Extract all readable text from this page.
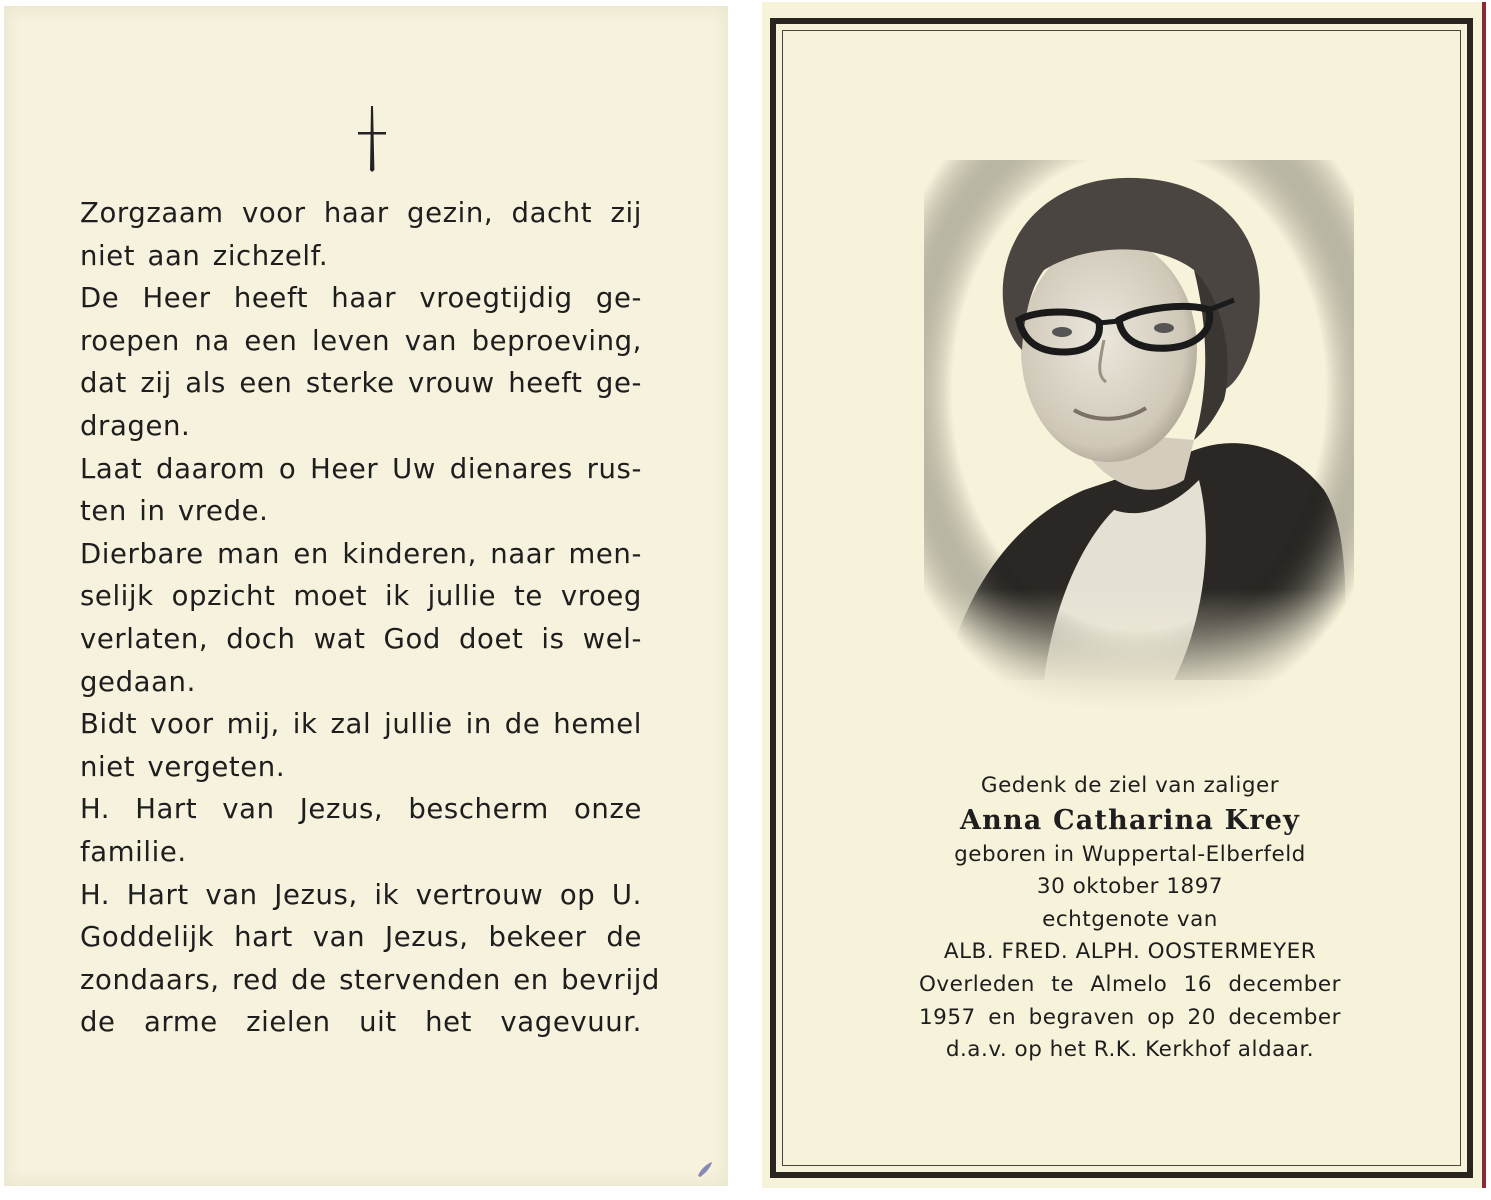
Zorgzaam voor haar gezin, dacht zij
niet aan zichzelf.
De Heer heeft haar vroegtijdig ge-
roepen na een leven van beproeving,
dat zij als een sterke vrouw heeft ge-
dragen.
Laat daarom o Heer Uw dienares rus-
ten in vrede.
Dierbare man en kinderen, naar men-
selijk opzicht moet ik jullie te vroeg
verlaten, doch wat God doet is wel-
gedaan.
Bidt voor mij, ik zal jullie in de hemel
niet vergeten.
H. Hart van Jezus, bescherm onze
familie.
H. Hart van Jezus, ik vertrouw op U.
Goddelijk hart van Jezus, bekeer de
zondaars, red de stervenden en bevrijd
de arme zielen uit het vagevuur.
Gedenk de ziel van zaliger
Anna Catharina Krey
geboren in Wuppertal-Elberfeld
30 oktober 1897
echtgenote van
ALB. FRED. ALPH. OOSTERMEYER
Overleden te Almelo 16 december
1957 en begraven op 20 december
d.a.v. op het R.K. Kerkhof aldaar.
